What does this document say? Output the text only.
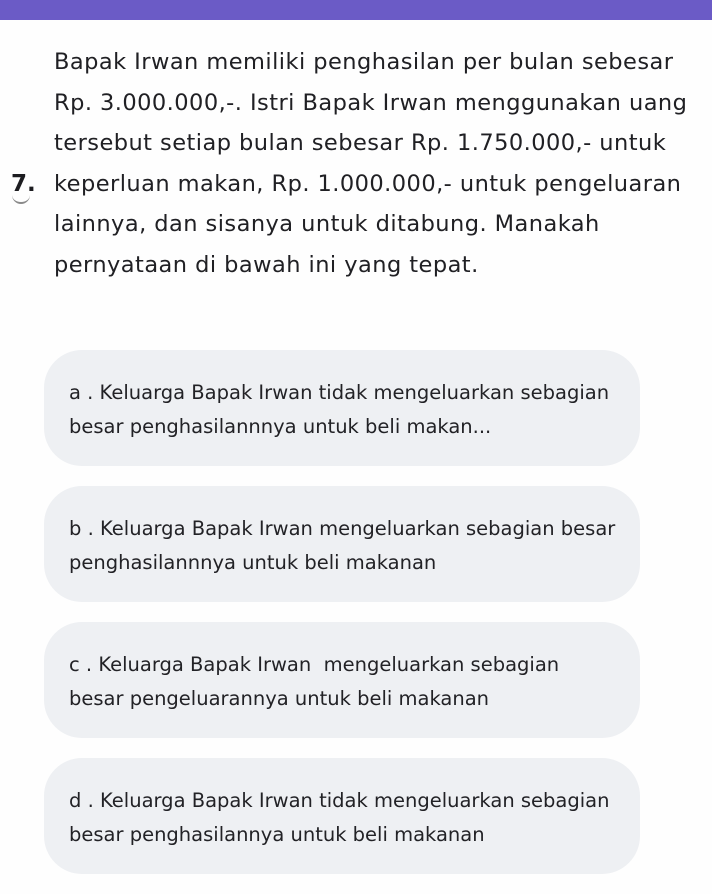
7.
Bapak Irwan memiliki penghasilan per bulan sebesar Rp. 3.000.000,-. Istri Bapak Irwan menggunakan uang tersebut setiap bulan sebesar Rp. 1.750.000,- untuk keperluan makan, Rp. 1.000.000,- untuk pengeluaran lainnya, dan sisanya untuk ditabung. Manakah pernyataan di bawah ini yang tepat.
a . Keluarga Bapak Irwan tidak mengeluarkan sebagian besar penghasilannnya untuk beli makan...
b . Keluarga Bapak Irwan mengeluarkan sebagian besar penghasilannnya untuk beli makanan
c . Keluarga Bapak Irwan  mengeluarkan sebagian besar pengeluarannya untuk beli makanan
d . Keluarga Bapak Irwan tidak mengeluarkan sebagian besar penghasilannya untuk beli makanan
